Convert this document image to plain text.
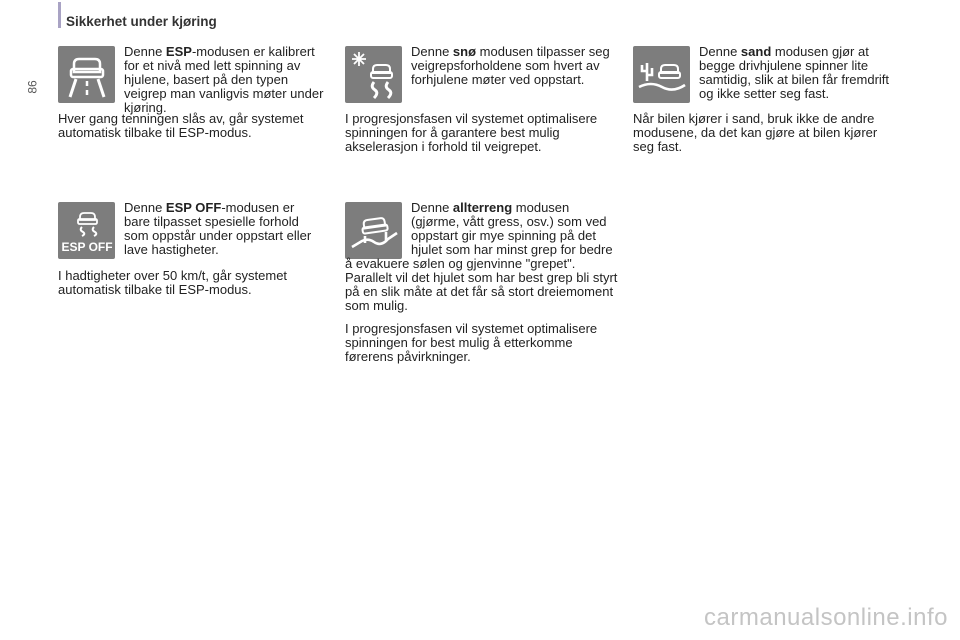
Sikkerhet under kjøring
86

Denne ESP-modusen er kalibrert for et nivå med lett spinning av hjulene, basert på den typen veigrep man vanligvis møter under kjøring.

Hver gang tenningen slås av, går systemet automatisk tilbake til ESP-modus.

Denne snø modusen tilpasser seg veigrepsforholdene som hvert av forhjulene møter ved oppstart.

I progresjonsfasen vil systemet optimalisere spinningen for å garantere best mulig akselerasjon i forhold til veigrepet.

Denne sand modusen gjør at begge drivhjulene spinner lite samtidig, slik at bilen får fremdrift og ikke setter seg fast.

Når bilen kjører i sand, bruk ikke de andre modusene, da det kan gjøre at bilen kjører seg fast.

ESP OFF

Denne ESP OFF-modusen er bare tilpasset spesielle forhold som oppstår under oppstart eller lave hastigheter.

I hadtigheter over 50 km/t, går systemet automatisk tilbake til ESP-modus.

Denne allterreng modusen (gjørme, vått gress, osv.) som ved oppstart gir mye spinning på det hjulet som har minst grep for bedre å evakuere sølen og gjenvinne "grepet". Parallelt vil det hjulet som har best grep bli styrt på en slik måte at det får så stort dreiemoment som mulig.

I progresjonsfasen vil systemet optimalisere spinningen for best mulig å etterkomme førerens påvirkninger.

carmanualsonline.info
